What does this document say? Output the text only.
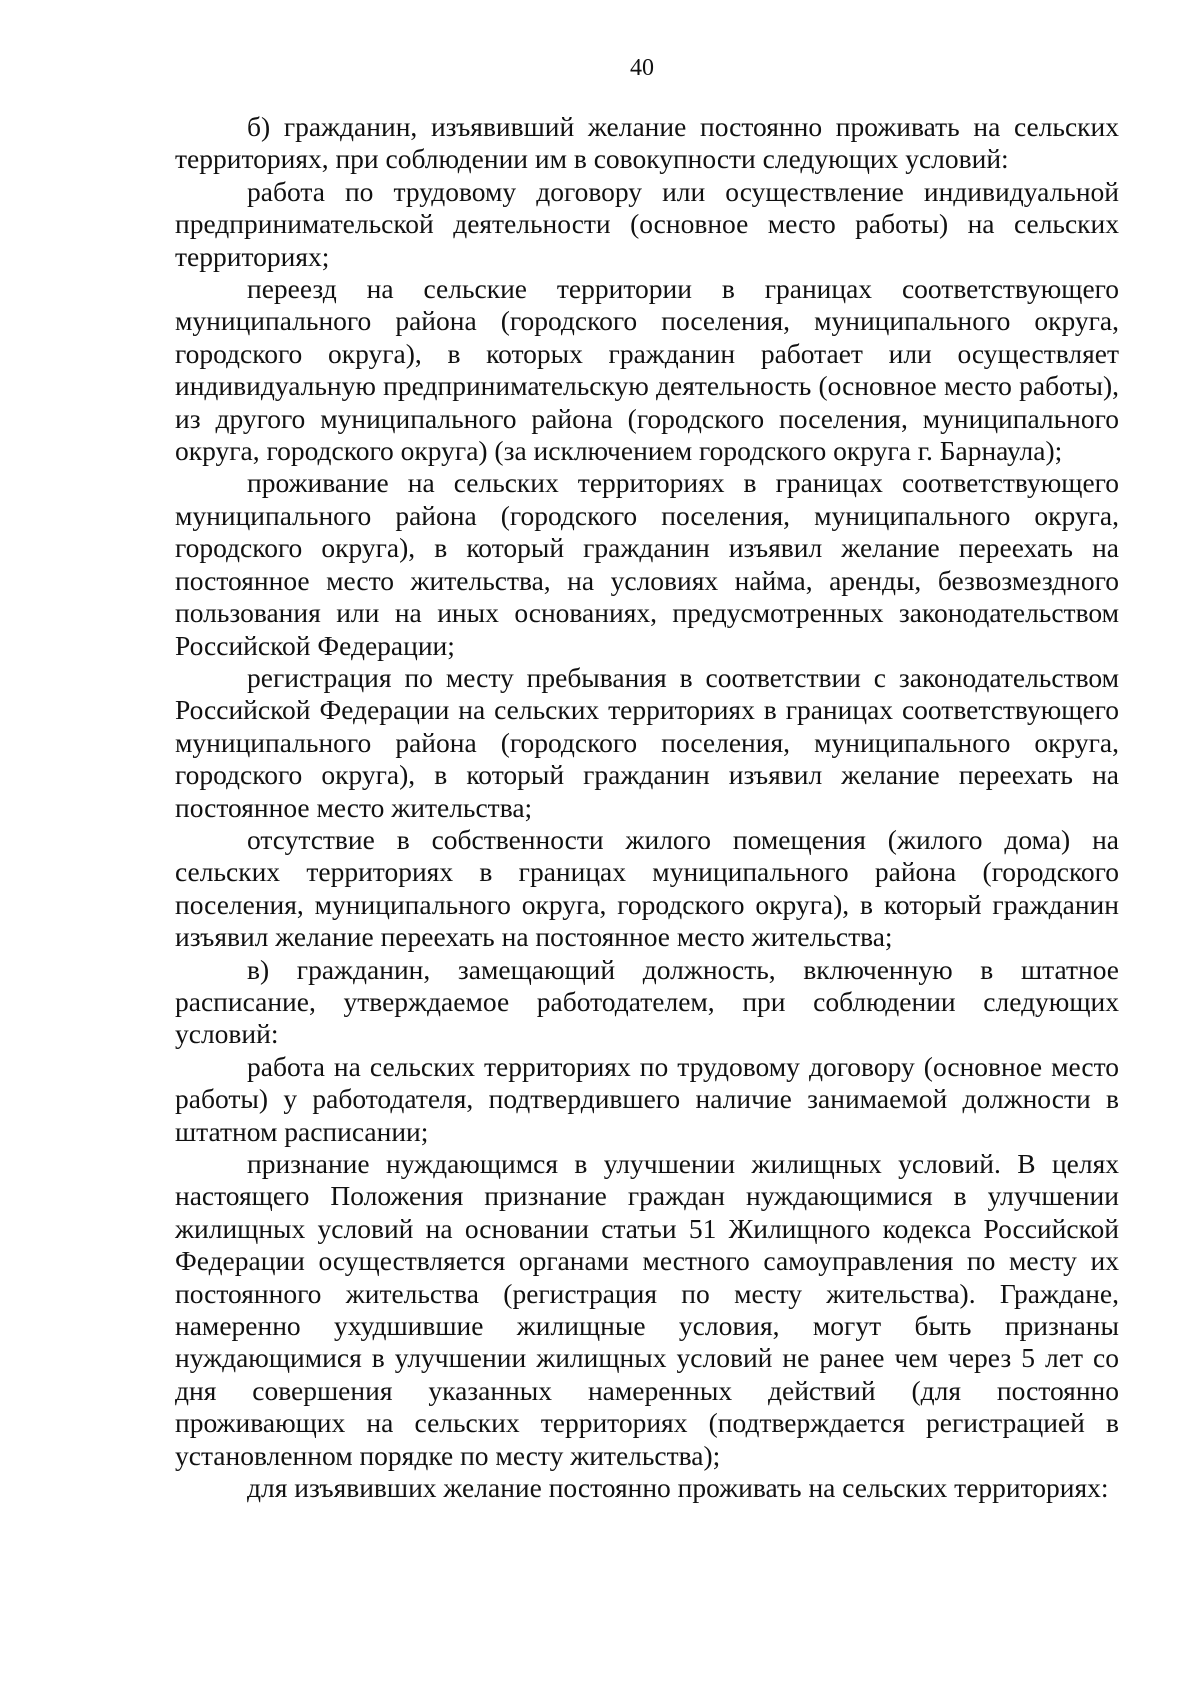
40

б) гражданин, изъявивший желание постоянно проживать на сельских территориях, при соблюдении им в совокупности следующих условий:

работа по трудовому договору или осуществление индивидуальной предпринимательской деятельности (основное место работы) на сельских территориях;

переезд на сельские территории в границах соответствующего муниципального района (городского поселения, муниципального округа, городского округа), в которых гражданин работает или осуществляет индивидуальную предпринимательскую деятельность (основное место работы), из другого муниципального района (городского поселения, муниципального округа, городского округа) (за исключением городского округа г. Барнаула);

проживание на сельских территориях в границах соответствующего муниципального района (городского поселения, муниципального округа, городского округа), в который гражданин изъявил желание переехать на постоянное место жительства, на условиях найма, аренды, безвозмездного пользования или на иных основаниях, предусмотренных законодательством Российской Федерации;

регистрация по месту пребывания в соответствии с законодательством Российской Федерации на сельских территориях в границах соответствующего муниципального района (городского поселения, муниципального округа, городского округа), в который гражданин изъявил желание переехать на постоянное место жительства;

отсутствие в собственности жилого помещения (жилого дома) на сельских территориях в границах муниципального района (городского поселения, муниципального округа, городского округа), в который гражданин изъявил желание переехать на постоянное место жительства;

в) гражданин, замещающий должность, включенную в штатное расписание, утверждаемое работодателем, при соблюдении следующих условий:

работа на сельских территориях по трудовому договору (основное место работы) у работодателя, подтвердившего наличие занимаемой должности в штатном расписании;

признание нуждающимся в улучшении жилищных условий. В целях настоящего Положения признание граждан нуждающимися в улучшении жилищных условий на основании статьи 51 Жилищного кодекса Российской Федерации осуществляется органами местного самоуправления по месту их постоянного жительства (регистрация по месту жительства). Граждане, намеренно ухудшившие жилищные условия, могут быть признаны нуждающимися в улучшении жилищных условий не ранее чем через 5 лет со дня совершения указанных намеренных действий (для постоянно проживающих на сельских территориях (подтверждается регистрацией в установленном порядке по месту жительства);

для изъявивших желание постоянно проживать на сельских территориях:
